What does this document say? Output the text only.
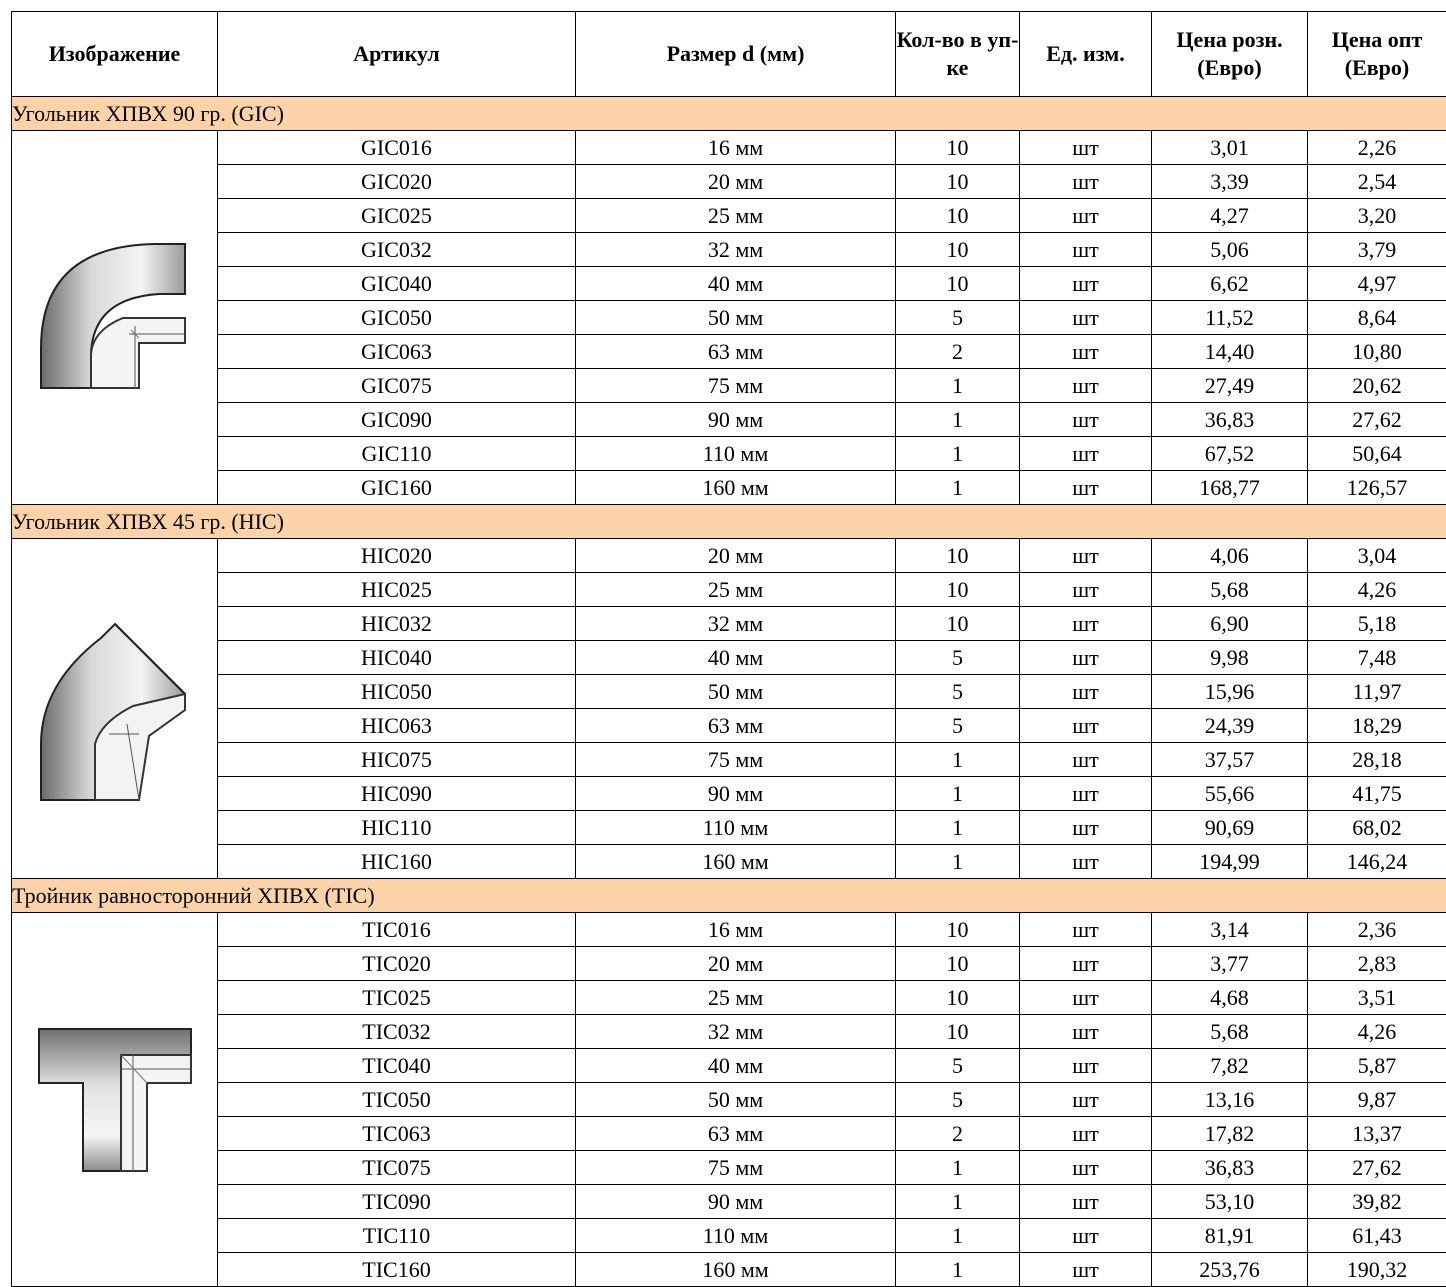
Изображение	Артикул	Размер d (мм)	Кол-во в уп-ке	Ед. изм.	Цена розн. (Евро)	Цена опт (Евро)
Угольник ХПВХ 90 гр. (GIC)						

	GIC016	16 мм	10	шт	3,01	2,26
	GIC020	20 мм	10	шт	3,39	2,54
	GIC025	25 мм	10	шт	4,27	3,20
	GIC032	32 мм	10	шт	5,06	3,79
	GIC040	40 мм	10	шт	6,62	4,97
	GIC050	50 мм	5	шт	11,52	8,64
	GIC063	63 мм	2	шт	14,40	10,80
	GIC075	75 мм	1	шт	27,49	20,62
	GIC090	90 мм	1	шт	36,83	27,62
	GIC110	110 мм	1	шт	67,52	50,64
	GIC160	160 мм	1	шт	168,77	126,57
Угольник ХПВХ 45 гр. (HIC)						

	HIC020	20 мм	10	шт	4,06	3,04
	HIC025	25 мм	10	шт	5,68	4,26
	HIC032	32 мм	10	шт	6,90	5,18
	HIC040	40 мм	5	шт	9,98	7,48
	HIC050	50 мм	5	шт	15,96	11,97
	HIC063	63 мм	5	шт	24,39	18,29
	HIC075	75 мм	1	шт	37,57	28,18
	HIC090	90 мм	1	шт	55,66	41,75
	HIC110	110 мм	1	шт	90,69	68,02
	HIC160	160 мм	1	шт	194,99	146,24
Тройник равносторонний ХПВХ (TIC)						

	TIC016	16 мм	10	шт	3,14	2,36
	TIC020	20 мм	10	шт	3,77	2,83
	TIC025	25 мм	10	шт	4,68	3,51
	TIC032	32 мм	10	шт	5,68	4,26
	TIC040	40 мм	5	шт	7,82	5,87
	TIC050	50 мм	5	шт	13,16	9,87
	TIC063	63 мм	2	шт	17,82	13,37
	TIC075	75 мм	1	шт	36,83	27,62
	TIC090	90 мм	1	шт	53,10	39,82
	TIC110	110 мм	1	шт	81,91	61,43
	TIC160	160 мм	1	шт	253,76	190,32
